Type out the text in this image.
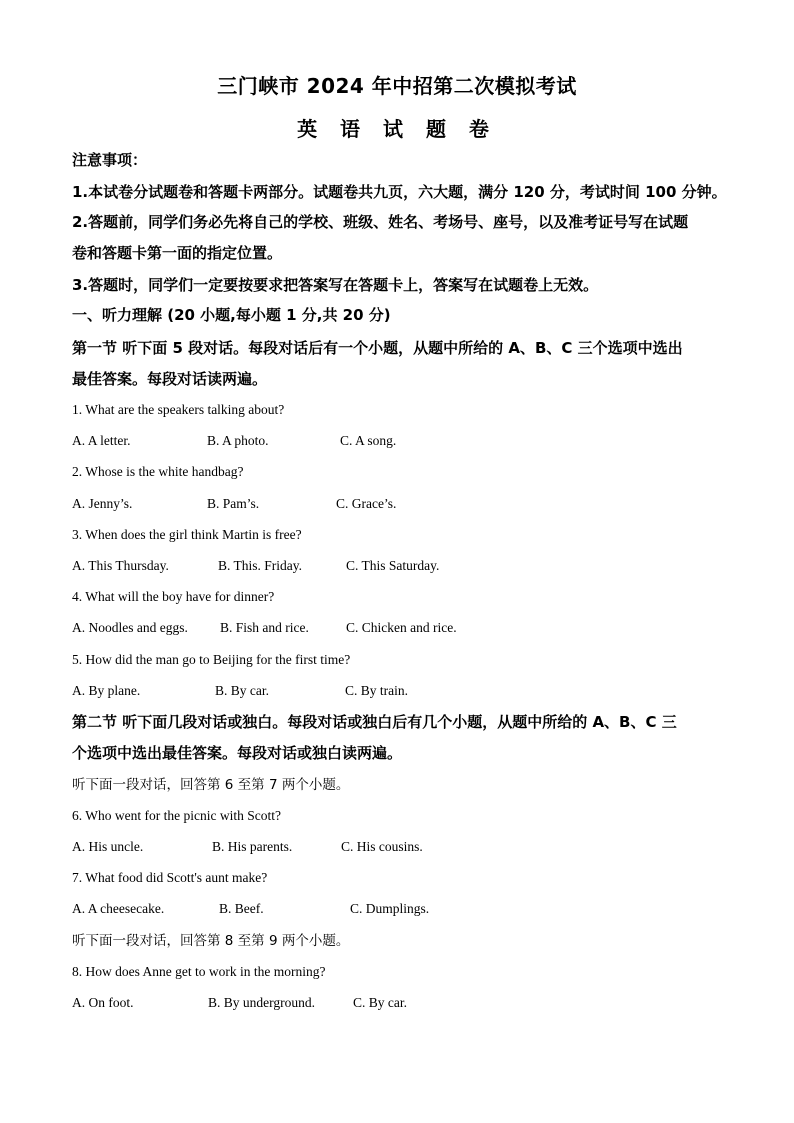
三门峡市 2024 年中招第二次模拟考试
英 语 试 题 卷
注意事项：
1.本试卷分试题卷和答题卡两部分。试题卷共九页，六大题，满分 120 分，考试时间 100 分钟。
2.答题前，同学们务必先将自己的学校、班级、姓名、考场号、座号，以及准考证号写在试题
卷和答题卡第一面的指定位置。
3.答题时，同学们一定要按要求把答案写在答题卡上，答案写在试题卷上无效。
一、听力理解 (20 小题,每小题 1 分,共 20 分)
第一节 听下面 5 段对话。每段对话后有一个小题，从题中所给的 A、B、C 三个选项中选出
最佳答案。每段对话读两遍。
1. What are the speakers talking about?
A. A letter.	B. A photo.	C. A song.
2. Whose is the white handbag?
A. Jenny’s.	B. Pam’s.	C. Grace’s.
3. When does the girl think Martin is free?
A. This Thursday.	B. This. Friday.	C. This Saturday.
4. What will the boy have for dinner?
A. Noodles and eggs. B. Fish and rice.	C. Chicken and rice.
5. How did the man go to Beijing for the first time?
A. By plane.	B. By car.	C. By train.
第二节 听下面几段对话或独白。每段对话或独白后有几个小题，从题中所给的 A、B、C 三
个选项中选出最佳答案。每段对话或独白读两遍。
听下面一段对话，回答第 6 至第 7 两个小题。
6. Who went for the picnic with Scott?
A. His uncle.	B. His parents.	C. His cousins.
7. What food did Scott's aunt make?
A. A cheesecake.	B. Beef.	C. Dumplings.
听下面一段对话，回答第 8 至第 9 两个小题。
8. How does Anne get to work in the morning?
A. On foot.	B. By underground.	C. By car.
